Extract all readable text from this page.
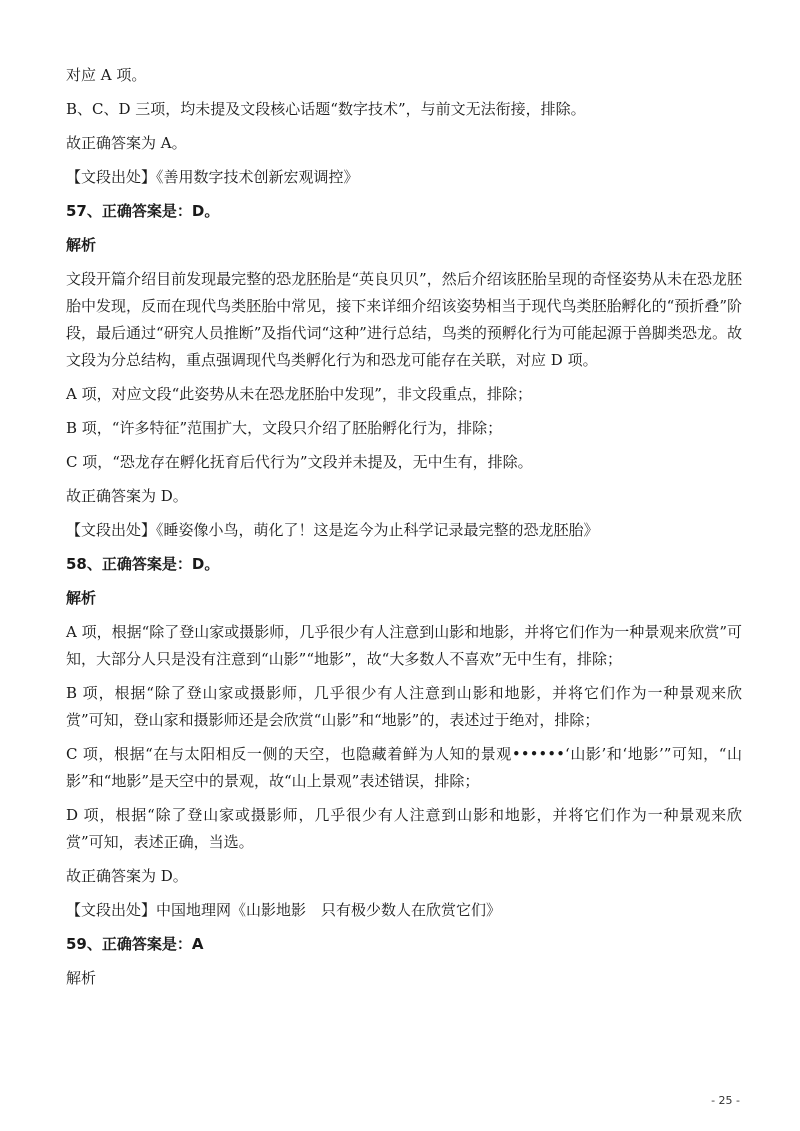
对应 A 项。

B、C、D 三项，均未提及文段核心话题“数字技术”，与前文无法衔接，排除。

故正确答案为 A。

【文段出处】《善用数字技术创新宏观调控》

57、正确答案是：D。

解析

文段开篇介绍目前发现最完整的恐龙胚胎是“英良贝贝”，然后介绍该胚胎呈现的奇怪姿势从未在恐龙胚胎中发现，反而在现代鸟类胚胎中常见，接下来详细介绍该姿势相当于现代鸟类胚胎孵化的“预折叠”阶段，最后通过“研究人员推断”及指代词“这种”进行总结，鸟类的预孵化行为可能起源于兽脚类恐龙。故文段为分总结构，重点强调现代鸟类孵化行为和恐龙可能存在关联，对应 D 项。

A 项，对应文段“此姿势从未在恐龙胚胎中发现”，非文段重点，排除；

B 项，“许多特征”范围扩大，文段只介绍了胚胎孵化行为，排除；

C 项，“恐龙存在孵化抚育后代行为”文段并未提及，无中生有，排除。

故正确答案为 D。

【文段出处】《睡姿像小鸟，萌化了！这是迄今为止科学记录最完整的恐龙胚胎》

58、正确答案是：D。

解析

A 项，根据“除了登山家或摄影师，几乎很少有人注意到山影和地影，并将它们作为一种景观来欣赏”可知，大部分人只是没有注意到“山影”“地影”，故“大多数人不喜欢”无中生有，排除；

B 项，根据“除了登山家或摄影师，几乎很少有人注意到山影和地影，并将它们作为一种景观来欣赏”可知，登山家和摄影师还是会欣赏“山影”和“地影”的，表述过于绝对，排除；

C 项，根据“在与太阳相反一侧的天空，也隐藏着鲜为人知的景观••••••‘山影’和‘地影’”可知，“山影”和“地影”是天空中的景观，故“山上景观”表述错误，排除；

D 项，根据“除了登山家或摄影师，几乎很少有人注意到山影和地影，并将它们作为一种景观来欣赏”可知，表述正确，当选。

故正确答案为 D。

【文段出处】中国地理网《山影地影　只有极少数人在欣赏它们》

59、正确答案是：A

解析

- 25 -
